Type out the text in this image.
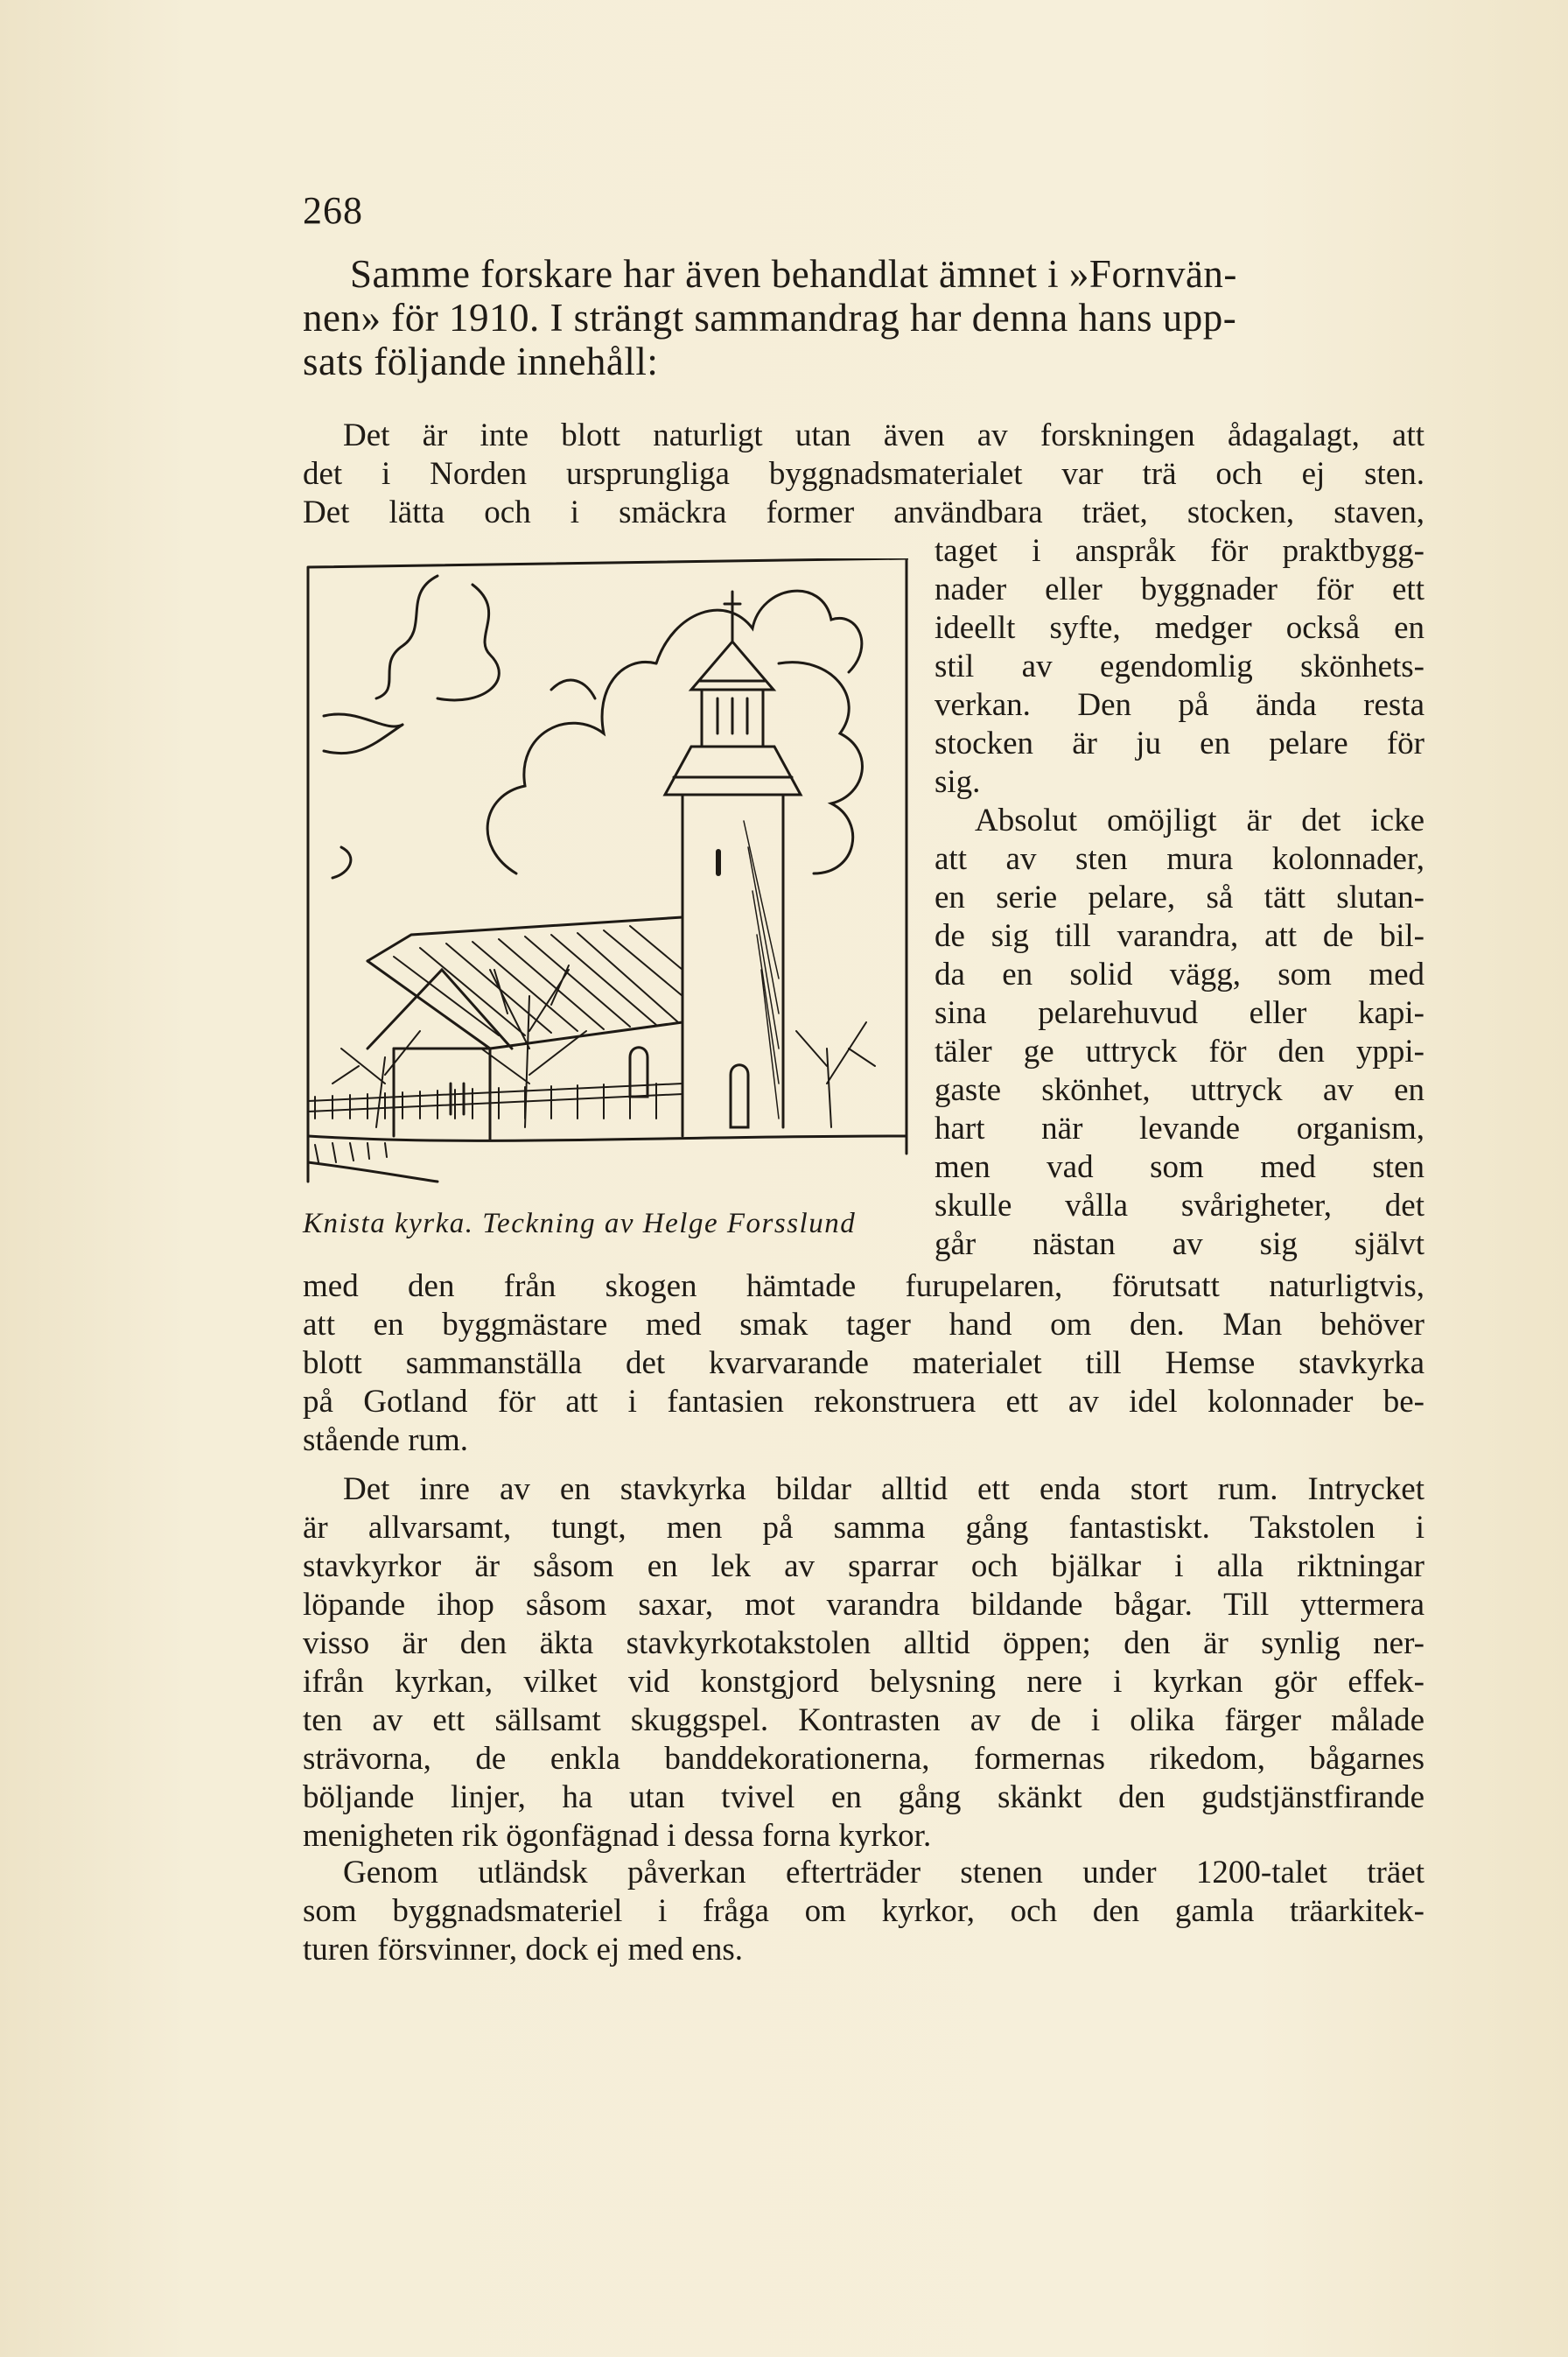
268
Samme forskare har även behandlat ämnet i »Fornvän-
nen» för 1910. I strängt sammandrag har denna hans upp-
sats följande innehåll:

Det är inte blott naturligt utan även av forskningen ådagalagt, att

det i Norden ursprungliga byggnadsmaterialet var trä och ej sten.

Det lätta och i smäckra former användbara träet, stocken, staven,

taget i anspråk för praktbygg-
nader eller byggnader för ett
ideellt syfte, medger också en
stil av egendomlig skönhets-
verkan. Den på ända resta
stocken är ju en pelare för
sig.
Absolut omöjligt är det icke
att av sten mura kolonnader,
en serie pelare, så tätt slutan-
de sig till varandra, att de bil-
da en solid vägg, som med
sina pelarehuvud eller kapi-
täler ge uttryck för den yppi-
gaste skönhet, uttryck av en
hart när levande organism,
men vad som med sten
skulle vålla svårigheter, det
går nästan av sig självt
Knista kyrka. Teckning av Helge Forsslund

med den från skogen hämtade furupelaren, förutsatt naturligtvis,

att en byggmästare med smak tager hand om den. Man behöver

blott sammanställa det kvarvarande materialet till Hemse stavkyrka

på Gotland för att i fantasien rekonstruera ett av idel kolonnader be-

stående rum.

Det inre av en stavkyrka bildar alltid ett enda stort rum. Intrycket

är allvarsamt, tungt, men på samma gång fantastiskt. Takstolen i

stavkyrkor är såsom en lek av sparrar och bjälkar i alla riktningar

löpande ihop såsom saxar, mot varandra bildande bågar. Till yttermera

visso är den äkta stavkyrkotakstolen alltid öppen; den är synlig ner-

ifrån kyrkan, vilket vid konstgjord belysning nere i kyrkan gör effek-

ten av ett sällsamt skuggspel. Kontrasten av de i olika färger målade

strävorna, de enkla banddekorationerna, formernas rikedom, bågarnes

böljande linjer, ha utan tvivel en gång skänkt den gudstjänstfirande

menigheten rik ögonfägnad i dessa forna kyrkor.

Genom utländsk påverkan efterträder stenen under 1200-talet träet

som byggnadsmateriel i fråga om kyrkor, och den gamla träarkitek-

turen försvinner, dock ej med ens.
